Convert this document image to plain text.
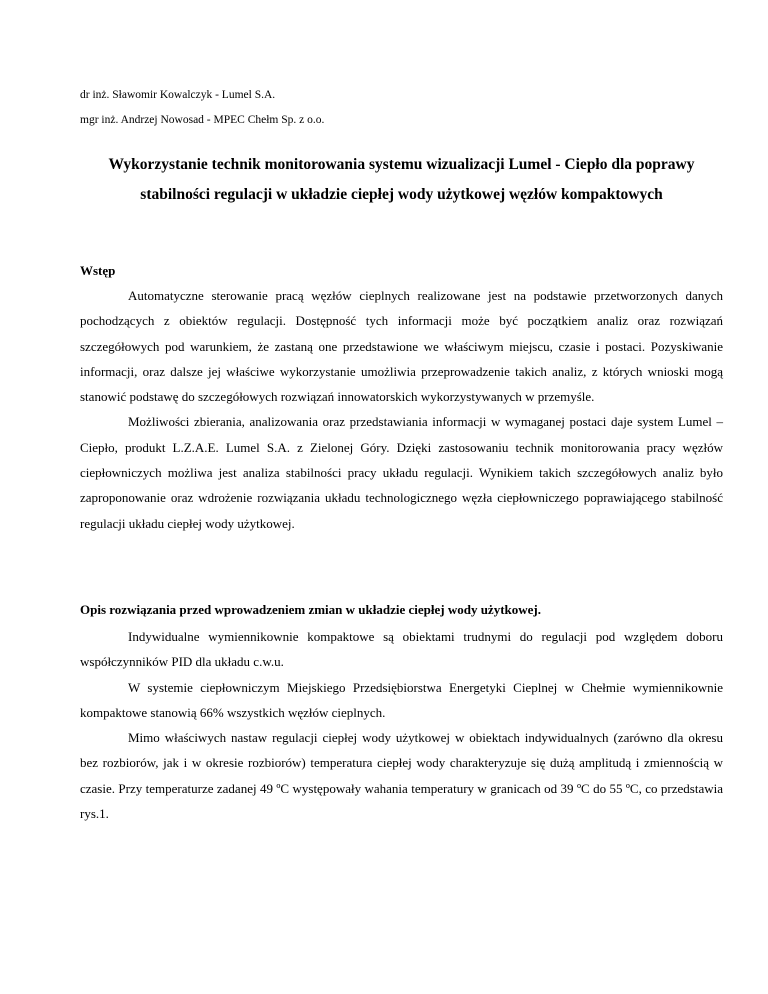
dr inż. Sławomir Kowalczyk - Lumel S.A.

mgr inż. Andrzej Nowosad - MPEC Chełm Sp. z o.o.

Wykorzystanie technik monitorowania systemu wizualizacji Lumel - Ciepło dla poprawy stabilności regulacji w układzie ciepłej wody użytkowej węzłów kompaktowych
Wstęp

Automatyczne sterowanie pracą węzłów cieplnych realizowane jest na podstawie przetworzonych danych pochodzących z obiektów regulacji. Dostępność tych informacji może być początkiem analiz oraz rozwiązań szczegółowych pod warunkiem, że zastaną one przedstawione we właściwym miejscu, czasie i postaci. Pozyskiwanie informacji, oraz dalsze jej właściwe wykorzystanie umożliwia przeprowadzenie takich analiz, z których wnioski mogą stanowić podstawę do szczegółowych rozwiązań innowatorskich wykorzystywanych w przemyśle.

Możliwości zbierania, analizowania oraz przedstawiania informacji w wymaganej postaci daje system Lumel – Ciepło, produkt L.Z.A.E. Lumel S.A. z Zielonej Góry. Dzięki zastosowaniu technik monitorowania pracy węzłów ciepłowniczych możliwa jest analiza stabilności pracy układu regulacji. Wynikiem takich szczegółowych analiz było zaproponowanie oraz wdrożenie rozwiązania układu technologicznego węzła ciepłowniczego poprawiającego stabilność regulacji układu ciepłej wody użytkowej.

Opis rozwiązania przed wprowadzeniem zmian w układzie ciepłej wody użytkowej.

Indywidualne wymiennikownie kompaktowe są obiektami trudnymi do regulacji pod względem doboru współczynników PID dla układu c.w.u.

W systemie ciepłowniczym Miejskiego Przedsiębiorstwa Energetyki Cieplnej w Chełmie wymiennikownie kompaktowe stanowią 66% wszystkich węzłów cieplnych.

Mimo właściwych nastaw regulacji ciepłej wody użytkowej w obiektach indywidualnych (zarówno dla okresu bez rozbiorów, jak i w okresie rozbiorów) temperatura ciepłej wody charakteryzuje się dużą amplitudą i zmiennością w czasie. Przy temperaturze zadanej 49 ºC występowały wahania temperatury w granicach od 39 ºC do 55 ºC, co przedstawia rys.1.
